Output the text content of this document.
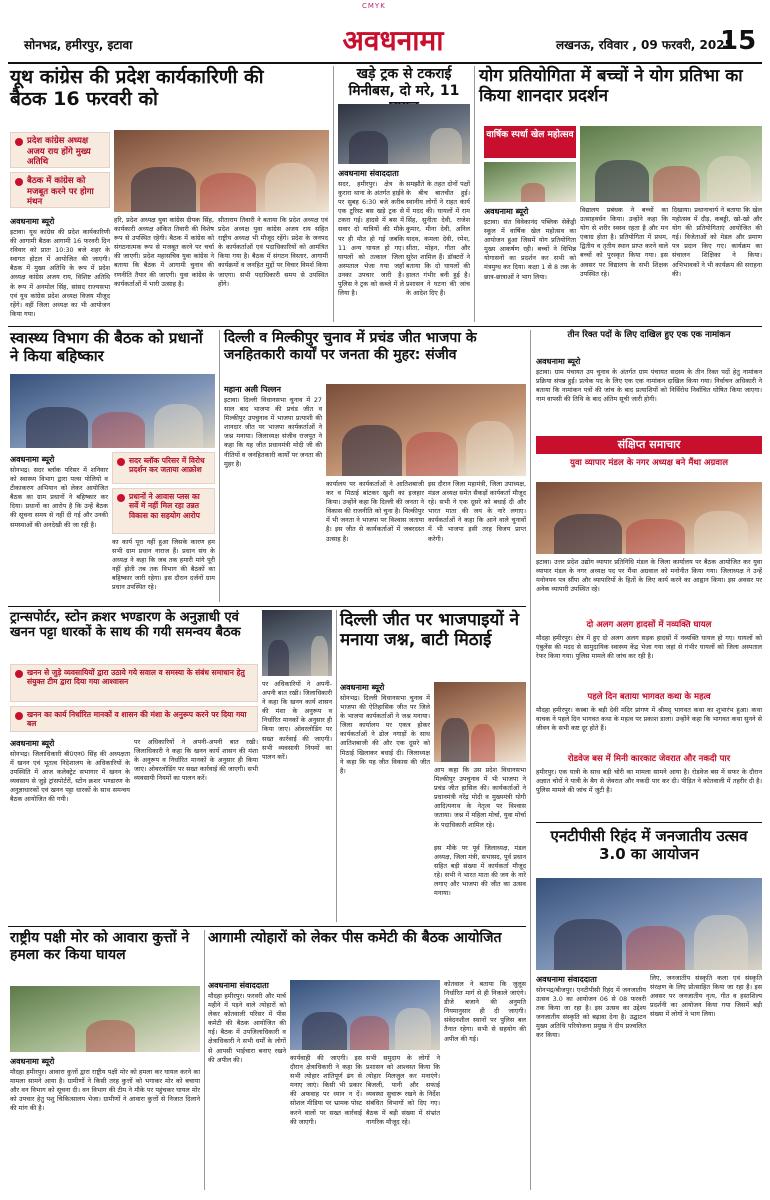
CMYK
सोनभद्र, हमीरपुर, इटावा	अवधनामा	लखनऊ, रविवार , 09 फरवरी, 2025
15
यूथ कांग्रेस की प्रदेश कार्यकारिणी की बैठक 16 फरवरी को
प्रदेश कांग्रेस अध्यक्ष अजय राय होंगे मुख्य अतिथि
बैठक में कांग्रेस को मजबूत करने पर होगा मंथन
अवधनामा ब्यूरो
इटावा। यूथ कांग्रेस की प्रदेश कार्यकारिणी की आगामी बैठक आगामी 16 फरवरी दिन रविवार को प्रातः 10:30 बजे शहर के स्वागत होटल में आयोजित की जाएगी। बैठक में मुख्य अतिथि के रूप में प्रदेश अध्यक्ष कांग्रेस अजय राय, विशिष्ट अतिथि के रूप में अनमोल सिंह, सांसद राज्यसभा एवं यूथ कांग्रेस प्रदेश अध्यक्ष विजय मौजूद रहेंगे। वहीं जिला अध्यक्ष का भी आयोजन किया गया।
हरि, प्रदेश अध्यक्ष युवा कांग्रेस दीपक सिंह, कार्यकारी अध्यक्ष अंकित तिवारी की विशेष रूप से उपस्थित रहेगी। बैठक में कांग्रेस को संगठनात्मक रूप से मजबूत करने पर चर्चा की जाएगी। प्रदेश महासचिव युवा कांग्रेस ने बताया कि बैठक में आगामी चुनाव की रणनीति तैयार की जाएगी। युवा कांग्रेस के कार्यकर्ताओं में भारी उत्साह है।
सीताराम तिवारी ने बताया कि प्रदेश अध्यक्ष एवं प्रदेश अध्यक्ष युवा कांग्रेस अजय राय सहित राष्ट्रीय अध्यक्ष भी मौजूद रहेंगे। प्रदेश के जनपद के कार्यकर्ताओं एवं पदाधिकारियों को आमंत्रित किया गया है। बैठक में संगठन विस्तार, आगामी कार्यक्रमों व जनहित मुद्दों पर विचार विमर्श किया जाएगा। सभी पदाधिकारी समय से उपस्थित होंगे।
खड़े ट्रक से टकराई मिनीबस, दो मरे, 11
अवधनामा संवाददाता
सदर, हमीरपुर। क्षेत्र के कुरारा थाना के अंतर्गत हाईवे पर सुबह 6:30 बजे करीब एक टूरिस्ट बस खड़े ट्रक से टकरा गई। हादसे में बस में सवार दो यात्रियों की मौके पर ही मौत हो गई जबकि 11 अन्य घायल हो गए। घायलों को तत्काल जिला अस्पताल भेजा गया जहाँ उनका उपचार जारी है। पुलिस ने ट्रक को कब्जे में ले लिया है।
समझौते के तहत दोनों पक्षों के बीच बातचीत हुई। स्थानीय लोगों ने राहत कार्य में मदद की। घायलों में राम सिंह, सुनीता देवी, राजेश कुमार, मीना देवी, अनिल यादव, कमला देवी, रमेश, सीता, मोहन, गीता और सुरेश शामिल हैं। डॉक्टरों ने बताया कि दो घायलों की हालत गंभीर बनी हुई है। प्रशासन ने घटना की जांच के आदेश दिए हैं।
योग प्रतियोगिता में बच्चों ने योग प्रतिभा का किया शानदार प्रदर्शन
वार्षिक स्पर्धा खेल महोत्सव
अवधनामा ब्यूरो
इटावा। संत विवेकानंद पब्लिक सेकेंड्री स्कूल में वार्षिक खेल महोत्सव का आयोजन हुआ जिसमें योग प्रतियोगिता मुख्य आकर्षण रही। बच्चों ने विभिन्न योगासनों का प्रदर्शन कर सभी को मंत्रमुग्ध कर दिया। कक्षा 1 से 8 तक के छात्र-छात्राओं ने भाग लिया।
विद्यालय प्रबंधक ने बच्चों का उत्साहवर्धन किया। उन्होंने कहा कि योग से शरीर स्वस्थ रहता है और मन एकाग्र होता है। प्रतियोगिता में प्रथम, द्वितीय व तृतीय स्थान प्राप्त करने वाले बच्चों को पुरस्कृत किया गया। इस अवसर पर विद्यालय के सभी शिक्षक उपस्थित रहे।
दिखाया। प्रधानाचार्य ने बताया कि खेल महोत्सव में दौड़, कबड्डी, खो-खो और योग की प्रतियोगिताएं आयोजित की गई। विजेताओं को मेडल और प्रमाण पत्र प्रदान किए गए। कार्यक्रम का संचालन शिक्षिका ने किया। अभिभावकों ने भी कार्यक्रम की सराहना की।
स्वास्थ्य विभाग की बैठक को प्रधानों ने किया बहिष्कार
सदर ब्लॉक परिसर में विरोध प्रदर्शन कर जताया आक्रोश
प्रधानों ने आवास प्लस का सर्वे में नहीं मिल रहा उन्नत विकास का सहयोग आरोप
अवधनामा ब्यूरो
सोनभद्र। सदर ब्लॉक परिसर में शनिवार को स्वास्थ्य विभाग द्वारा पल्स पोलियो व टीकाकरण अभियान को लेकर आयोजित बैठक का ग्राम प्रधानों ने बहिष्कार कर दिया। प्रधानों का आरोप है कि उन्हें बैठक की सूचना समय से नहीं दी गई और उनकी समस्याओं की अनदेखी की जा रही है।
का कार्य पूरा नहीं हुआ जिसके कारण हम सभी ग्राम प्रधान नाराज हैं। प्रधान संघ के अध्यक्ष ने कहा कि जब तक हमारी मांगे पूरी नहीं होती तब तक विभाग की बैठकों का बहिष्कार जारी रहेगा। इस दौरान दर्जनों ग्राम प्रधान उपस्थित रहे।
दिल्ली व मिल्कीपुर चुनाव में प्रचंड जीत भाजपा के जनहितकारी कार्यों पर जनता की मुहर: संजीव
महाना अली पिल्लन
इटावा। दिल्ली विधानसभा चुनाव में 27 साल बाद भाजपा की प्रचंड जीत व मिल्कीपुर उपचुनाव में भाजपा प्रत्याशी की शानदार जीत पर भाजपा कार्यकर्ताओं ने जश्न मनाया। जिलाध्यक्ष संजीव राजपूत ने कहा कि यह जीत प्रधानमंत्री मोदी जी की नीतियों व जनहितकारी कार्यों पर जनता की मुहर है।
कार्यालय पर कार्यकर्ताओं ने आतिशबाजी कर व मिठाई बांटकर खुशी का इजहार किया। उन्होंने कहा कि दिल्ली की जनता ने विकास की राजनीति को चुना है। मिल्कीपुर में भी जनता ने भाजपा पर विश्वास जताया है। इस जीत से कार्यकर्ताओं में जबरदस्त उत्साह है।
इस दौरान जिला महामंत्री, जिला उपाध्यक्ष, मंडल अध्यक्ष समेत सैकड़ों कार्यकर्ता मौजूद रहे। सभी ने एक दूसरे को बधाई दी और भारत माता की जय के नारे लगाए। कार्यकर्ताओं ने कहा कि आने वाले चुनावों में भी भाजपा इसी तरह विजय प्राप्त करेगी।
तीन रिक्त पदों के लिए दाखिल हुए एक एक नामांकन
अवधनामा ब्यूरो
इटावा। ग्राम पंचायत उप चुनाव के अंतर्गत ग्राम पंचायत सदस्य के तीन रिक्त पदों हेतु नामांकन प्रक्रिया संपन्न हुई। प्रत्येक पद के लिए एक एक नामांकन दाखिल किया गया। निर्वाचन अधिकारी ने बताया कि नामांकन पत्रों की जांच के बाद प्रत्याशियों को निर्विरोध निर्वाचित घोषित किया जाएगा। नाम वापसी की तिथि के बाद अंतिम सूची जारी होगी।
संक्षिप्त समाचार
युवा व्यापार मंडल के नगर अध्यक्ष बने मैंथा अग्रवाल
इटावा। उत्तर प्रदेश उद्योग व्यापार प्रतिनिधि मंडल के जिला कार्यालय पर बैठक आयोजित कर युवा व्यापार मंडल के नगर अध्यक्ष पद पर मैंथा अग्रवाल को मनोनीत किया गया। जिलाध्यक्ष ने उन्हें मनोनयन पत्र सौंपा और व्यापारियों के हितों के लिए कार्य करने का आह्वान किया। इस अवसर पर अनेक व्यापारी उपस्थित रहे।
दो अलग अलग हादसों में नव्यक्ति घायल
मौदहा हमीरपुर। क्षेत्र में हुए दो अलग अलग सड़क हादसों में नव्यक्ति घायल हो गए। घायलों को एंबुलेंस की मदद से सामुदायिक स्वास्थ्य केंद्र भेजा गया जहां से गंभीर घायलों को जिला अस्पताल रेफर किया गया। पुलिस मामले की जांच कर रही है।
पहले दिन बताया भागवत कथा के महत्व
मौदहा हमीरपुर। कस्बा के बड़ी देवी मंदिर प्रांगण में श्रीमद् भागवत कथा का शुभारंभ हुआ। कथा वाचक ने पहले दिन भागवत कथा के महत्व पर प्रकाश डाला। उन्होंने कहा कि भागवत कथा सुनने से जीवन के सभी कष्ट दूर होते हैं।
रोडवेज बस में मिनी कारकाट जेवरात और नकदी पार
हमीरपुर। एक यात्री के साथ बड़ी चोरी का मामला सामने आया है। रोडवेज बस में सफर के दौरान अज्ञात चोरों ने यात्री के बैग से जेवरात और नकदी पार कर दी। पीड़ित ने कोतवाली में तहरीर दी है। पुलिस मामले की जांच में जुटी है।
एनटीपीसी रिहंद में जनजातीय उत्सव 3.0 का आयोजन
अवधनामा संवाददाता
सोनभद्र/बीजपुर। एनटीपीसी रिहंद में जनजातीय उत्सव 3.0 का आयोजन 06 से 08 फरवरी तक किया जा रहा है। इस उत्सव का उद्देश्य जनजातीय संस्कृति को बढ़ावा देना है। उद्घाटन मुख्य अतिथि परियोजना प्रमुख ने दीप प्रज्वलित कर किया।
लिए, जनजातीय संस्कृति कला एवं संस्कृति संरक्षण के लिए प्रोत्साहित किया जा रहा है। इस अवसर पर जनजातीय नृत्य, गीत व हस्तशिल्प प्रदर्शनी का आयोजन किया गया जिसमें बड़ी संख्या में लोगों ने भाग लिया।
ट्रान्सपोर्टर, स्टोन क्रशर भण्डारण के अनुज्ञाधी एवं खनन पट्टा धारकों के साथ की गयी समन्वय बैठक
खनन से जुड़े व्यवसायियों द्वारा उठाये गये सवाल व समस्या के संबंध समाधान हेतु संयुक्त टीम द्वारा दिया गया आश्वासन
खनन का कार्य निर्धारित मानकों व शासन की मंशा के अनुरूप करने पर दिया गया बल
अवधनामा ब्यूरो
सोनभद्र। जिलाधिकारी बी0एन0 सिंह की अध्यक्षता में खनन एवं भूतत्व निदेशालय के अधिकारियों के उपस्थिति में आज कलेक्ट्रेट सभागार में खनन के व्यवसाय से जुड़े ट्रांसपोर्टरों, स्टोन क्रशर भण्डारण के अनुज्ञाधारकों एवं खनन पट्टा धारकों के साथ समन्वय बैठक आयोजित की गयी।
पर अधिकारियों ने अपनी-अपनी बात रखी। जिलाधिकारी ने कहा कि खनन कार्य शासन की मंशा के अनुरूप व निर्धारित मानकों के अनुसार ही किया जाए। ओवरलोडिंग पर सख्त कार्रवाई की जाएगी। सभी व्यवसायी नियमों का पालन करें।
पर अधिकारियों ने अपनी-अपनी बात रखी। जिलाधिकारी ने कहा कि खनन कार्य शासन की मंशा के अनुरूप व निर्धारित मानकों के अनुसार ही किया जाए। ओवरलोडिंग पर सख्त कार्रवाई की जाएगी। सभी व्यवसायी नियमों का पालन करें।
दिल्ली जीत पर भाजपाइयों ने मनाया जश्न, बाटी मिठाई
अवधनामा ब्यूरो
सोनभद्र। दिल्ली विधानसभा चुनाव में भाजपा की ऐतिहासिक जीत पर जिले के भाजपा कार्यकर्ताओं ने जश्न मनाया। जिला कार्यालय पर एकत्र होकर कार्यकर्ताओं ने ढोल नगाड़ों के साथ आतिशबाजी की और एक दूसरे को मिठाई खिलाकर बधाई दी। जिलाध्यक्ष ने कहा कि यह जीत विकास की जीत है।	आप कहा कि उस प्रदेश विधानसभा मिल्कीपुर उपचुनाव में भी भाजपा ने प्रचंड जीत हासिल की। कार्यकर्ताओं ने प्रधानमंत्री नरेंद्र मोदी व मुख्यमंत्री योगी आदित्यनाथ के नेतृत्व पर विश्वास जताया। जश्न में महिला मोर्चा, युवा मोर्चा के पदाधिकारी शामिल रहे।
इस मौके पर पूर्व जिलाध्यक्ष, मंडल अध्यक्ष, जिला मंत्री, सभासद, पूर्व प्रधान सहित बड़ी संख्या में कार्यकर्ता मौजूद रहे। सभी ने भारत माता की जय के नारे लगाए और भाजपा की जीत का उत्सव मनाया।
राष्ट्रीय पक्षी मोर को आवारा कुत्तों ने हमला कर किया घायल
अवधनामा ब्यूरो
मौदहा हमीरपुर। आवारा कुत्तों द्वारा राष्ट्रीय पक्षी मोर को हमला कर घायल करने का मामला सामने आया है। ग्रामीणों ने किसी तरह कुत्तों को भगाकर मोर को बचाया और वन विभाग को सूचना दी। वन विभाग की टीम ने मौके पर पहुंचकर घायल मोर को उपचार हेतु पशु चिकित्सालय भेजा। ग्रामीणों ने आवारा कुत्तों से निजात दिलाने की मांग की है।
आगामी त्योहारों को लेकर पीस कमेटी की बैठक आयोजित
अवधनामा संवाददाता
मौदहा हमीरपुर। फरवरी और मार्च महीने में पड़ने वाले त्योहारों को लेकर कोतवाली परिसर में पीस कमेटी की बैठक आयोजित की गई। बैठक में उपजिलाधिकारी व क्षेत्राधिकारी ने सभी धर्मों के लोगों से आपसी भाईचारा बनाए रखने की अपील की।	कार्यवाही की जाएगी। इस दौरान क्षेत्राधिकारी ने कहा कि सभी त्योहार शांतिपूर्ण ढंग से मनाए जाएं। किसी भी प्रकार की अफवाह पर ध्यान न दें। सोशल मीडिया पर भ्रामक पोस्ट करने वालों पर सख्त कार्रवाई की जाएगी।
सभी समुदाय के लोगों ने प्रशासन को आश्वस्त किया कि त्योहार मिलजुल कर मनाएंगे। बिजली, पानी और सफाई व्यवस्था सुचारू रखने के निर्देश संबंधित विभागों को दिए गए। बैठक में बड़ी संख्या में संभ्रांत नागरिक मौजूद रहे।
कोतवाल ने बताया कि जुलूस निर्धारित मार्ग से ही निकाले जाएंगे। डीजे बजाने की अनुमति नियमानुसार ही दी जाएगी। संवेदनशील स्थानों पर पुलिस बल तैनात रहेगा। सभी से सहयोग की अपील की गई।
